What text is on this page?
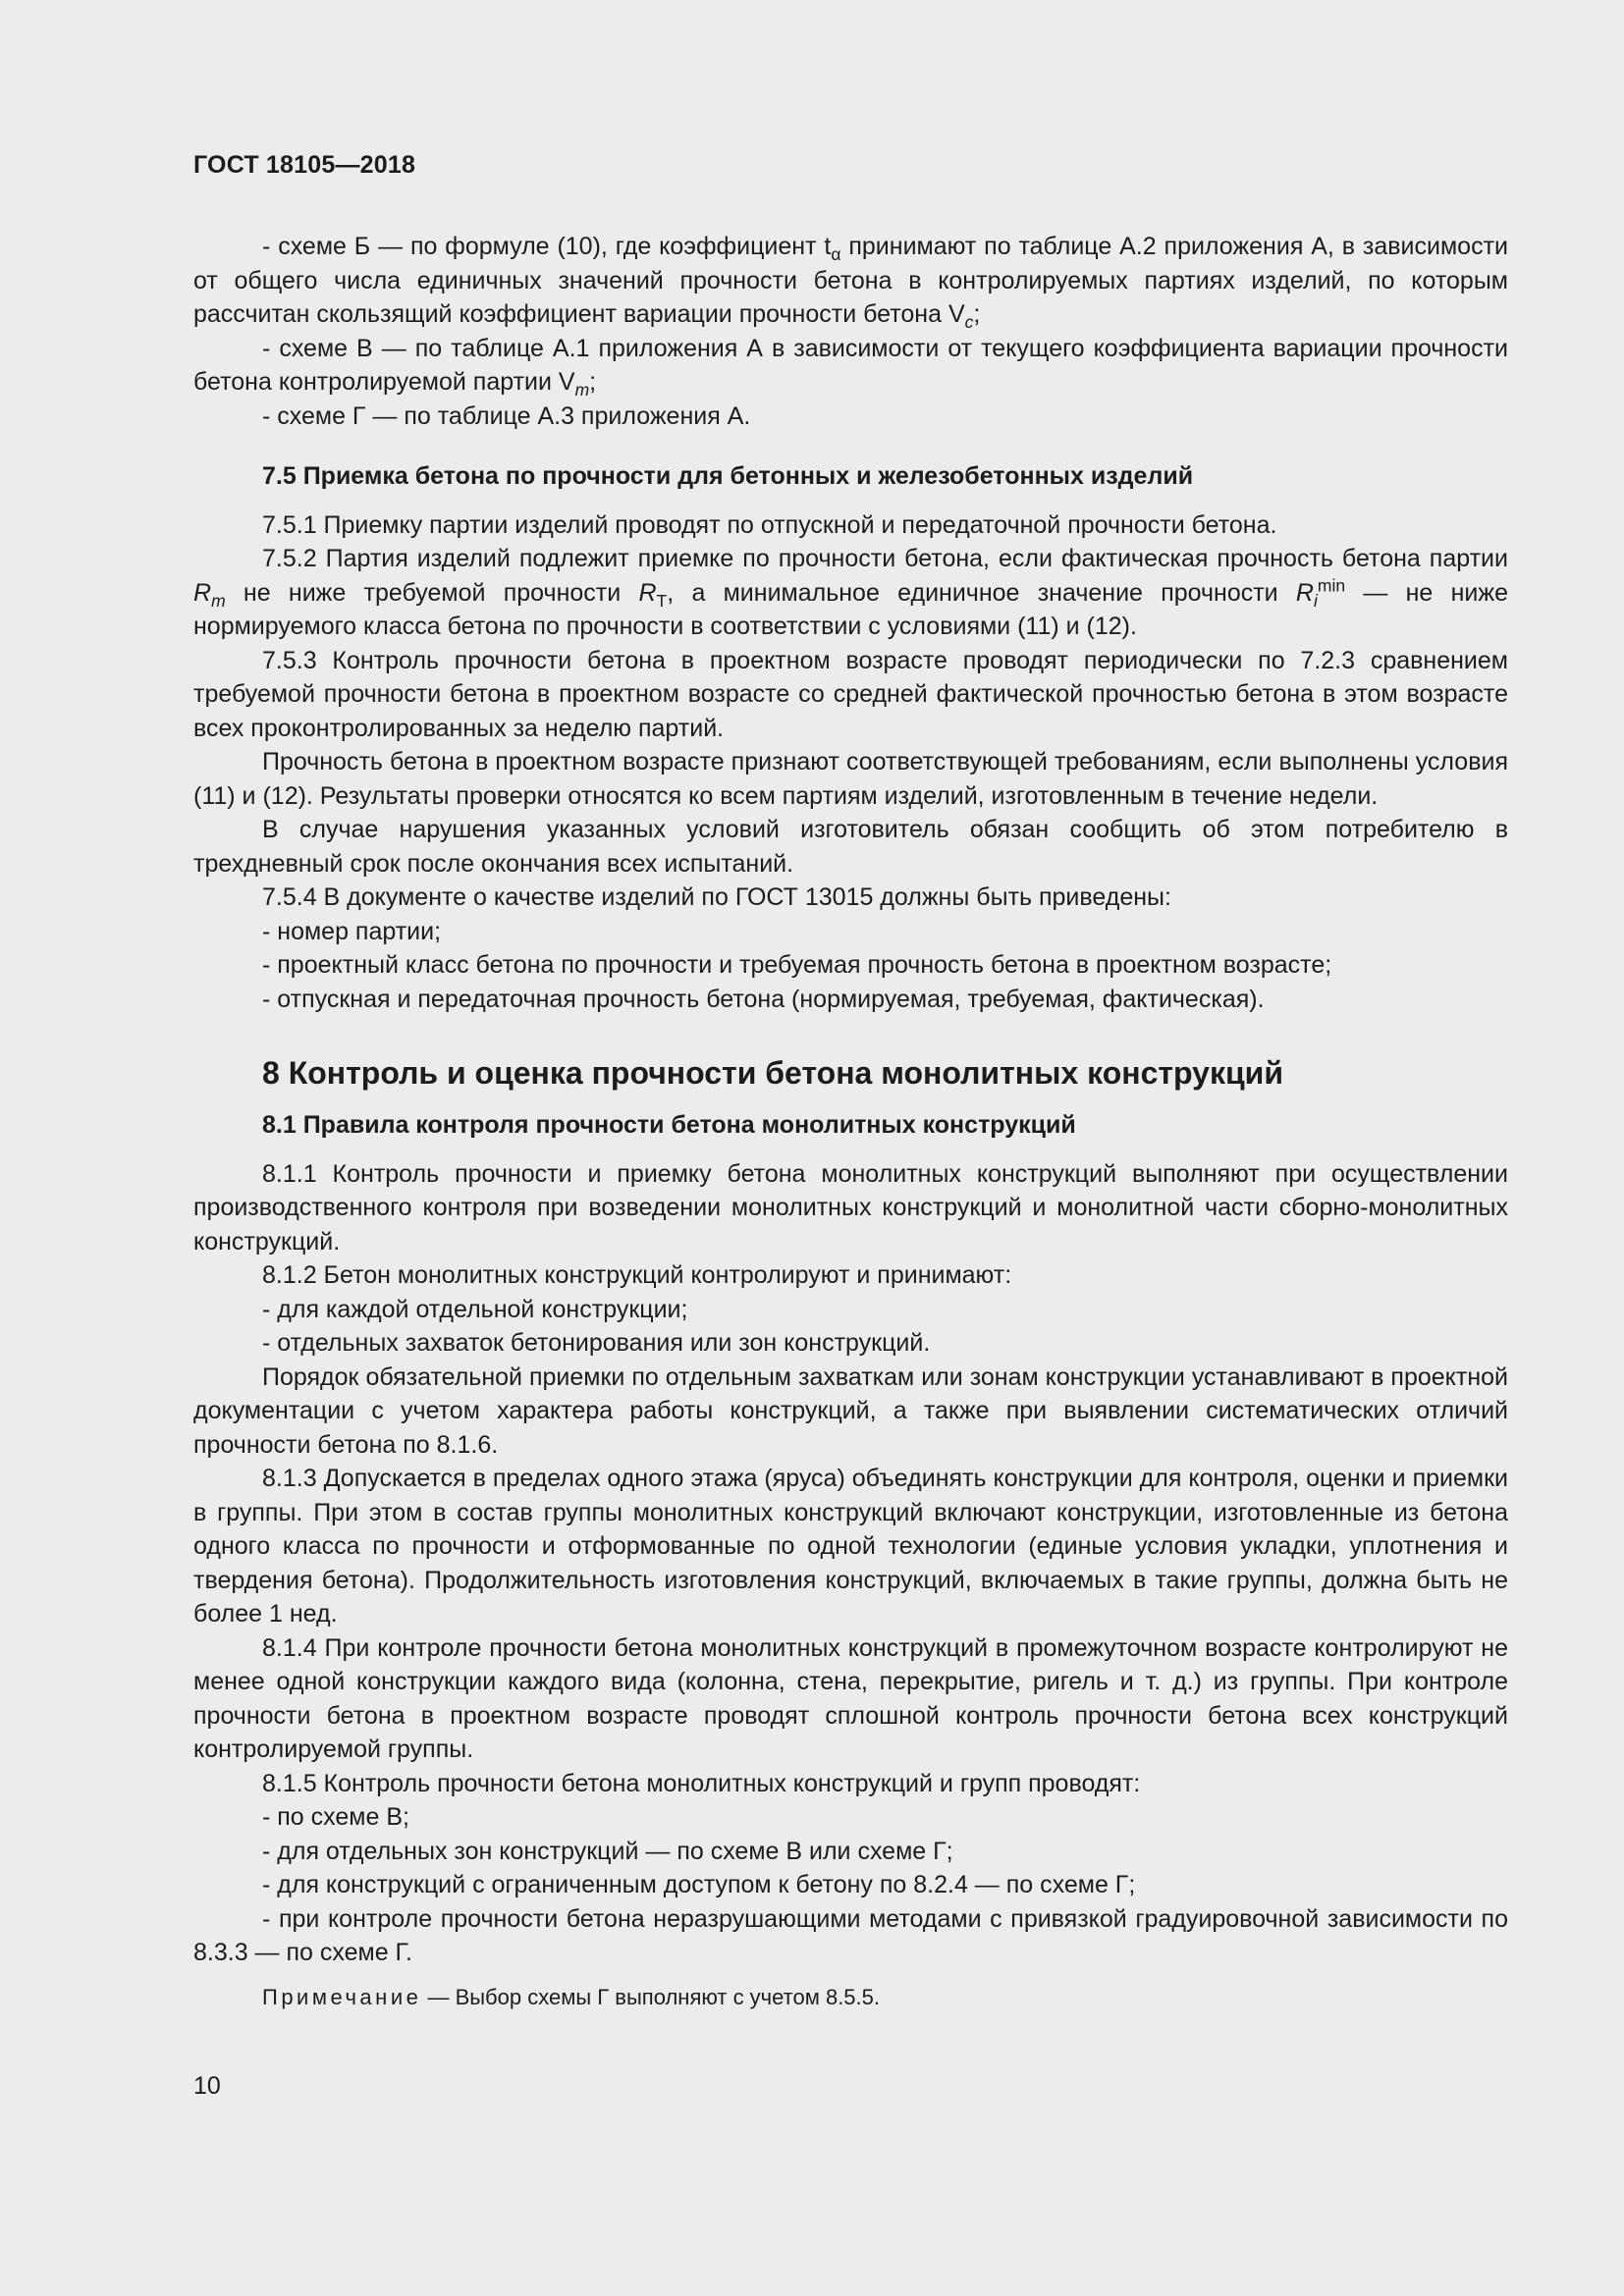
ГОСТ 18105—2018

- схеме Б — по формуле (10), где коэффициент $t_\alpha$ принимают по таблице А.2 приложения А, в зависимости от общего числа единичных значений прочности бетона в контролируемых партиях изделий, по которым рассчитан скользящий коэффициент вариации прочности бетона $V_c$;

- схеме В — по таблице А.1 приложения А в зависимости от текущего коэффициента вариации прочности бетона контролируемой партии $V_m$;

- схеме Г — по таблице А.3 приложения А.

7.5 Приемка бетона по прочности для бетонных и железобетонных изделий

7.5.1 Приемку партии изделий проводят по отпускной и передаточной прочности бетона.

7.5.2 Партия изделий подлежит приемке по прочности бетона, если фактическая прочность бетона партии $R_m$ не ниже требуемой прочности $R_T$, а минимальное единичное значение прочности $R_i^{min}$ — не ниже нормируемого класса бетона по прочности в соответствии с условиями (11) и (12).

7.5.3 Контроль прочности бетона в проектном возрасте проводят периодически по 7.2.3 сравнением требуемой прочности бетона в проектном возрасте со средней фактической прочностью бетона в этом возрасте всех проконтролированных за неделю партий.

Прочность бетона в проектном возрасте признают соответствующей требованиям, если выполнены условия (11) и (12). Результаты проверки относятся ко всем партиям изделий, изготовленным в течение недели.

В случае нарушения указанных условий изготовитель обязан сообщить об этом потребителю в трехдневный срок после окончания всех испытаний.

7.5.4 В документе о качестве изделий по ГОСТ 13015 должны быть приведены:

- номер партии;

- проектный класс бетона по прочности и требуемая прочность бетона в проектном возрасте;

- отпускная и передаточная прочность бетона (нормируемая, требуемая, фактическая).

8 Контроль и оценка прочности бетона монолитных конструкций
8.1 Правила контроля прочности бетона монолитных конструкций

8.1.1 Контроль прочности и приемку бетона монолитных конструкций выполняют при осуществлении производственного контроля при возведении монолитных конструкций и монолитной части сборно-монолитных конструкций.

8.1.2 Бетон монолитных конструкций контролируют и принимают:

- для каждой отдельной конструкции;

- отдельных захваток бетонирования или зон конструкций.

Порядок обязательной приемки по отдельным захваткам или зонам конструкции устанавливают в проектной документации с учетом характера работы конструкций, а также при выявлении систематических отличий прочности бетона по 8.1.6.

8.1.3 Допускается в пределах одного этажа (яруса) объединять конструкции для контроля, оценки и приемки в группы. При этом в состав группы монолитных конструкций включают конструкции, изготовленные из бетона одного класса по прочности и отформованные по одной технологии (единые условия укладки, уплотнения и твердения бетона). Продолжительность изготовления конструкций, включаемых в такие группы, должна быть не более 1 нед.

8.1.4 При контроле прочности бетона монолитных конструкций в промежуточном возрасте контролируют не менее одной конструкции каждого вида (колонна, стена, перекрытие, ригель и т. д.) из группы. При контроле прочности бетона в проектном возрасте проводят сплошной контроль прочности бетона всех конструкций контролируемой группы.

8.1.5 Контроль прочности бетона монолитных конструкций и групп проводят:

- по схеме В;

- для отдельных зон конструкций — по схеме В или схеме Г;

- для конструкций с ограниченным доступом к бетону по 8.2.4 — по схеме Г;

- при контроле прочности бетона неразрушающими методами с привязкой градуировочной зависимости по 8.3.3 — по схеме Г.

Примечание — Выбор схемы Г выполняют с учетом 8.5.5.

10
